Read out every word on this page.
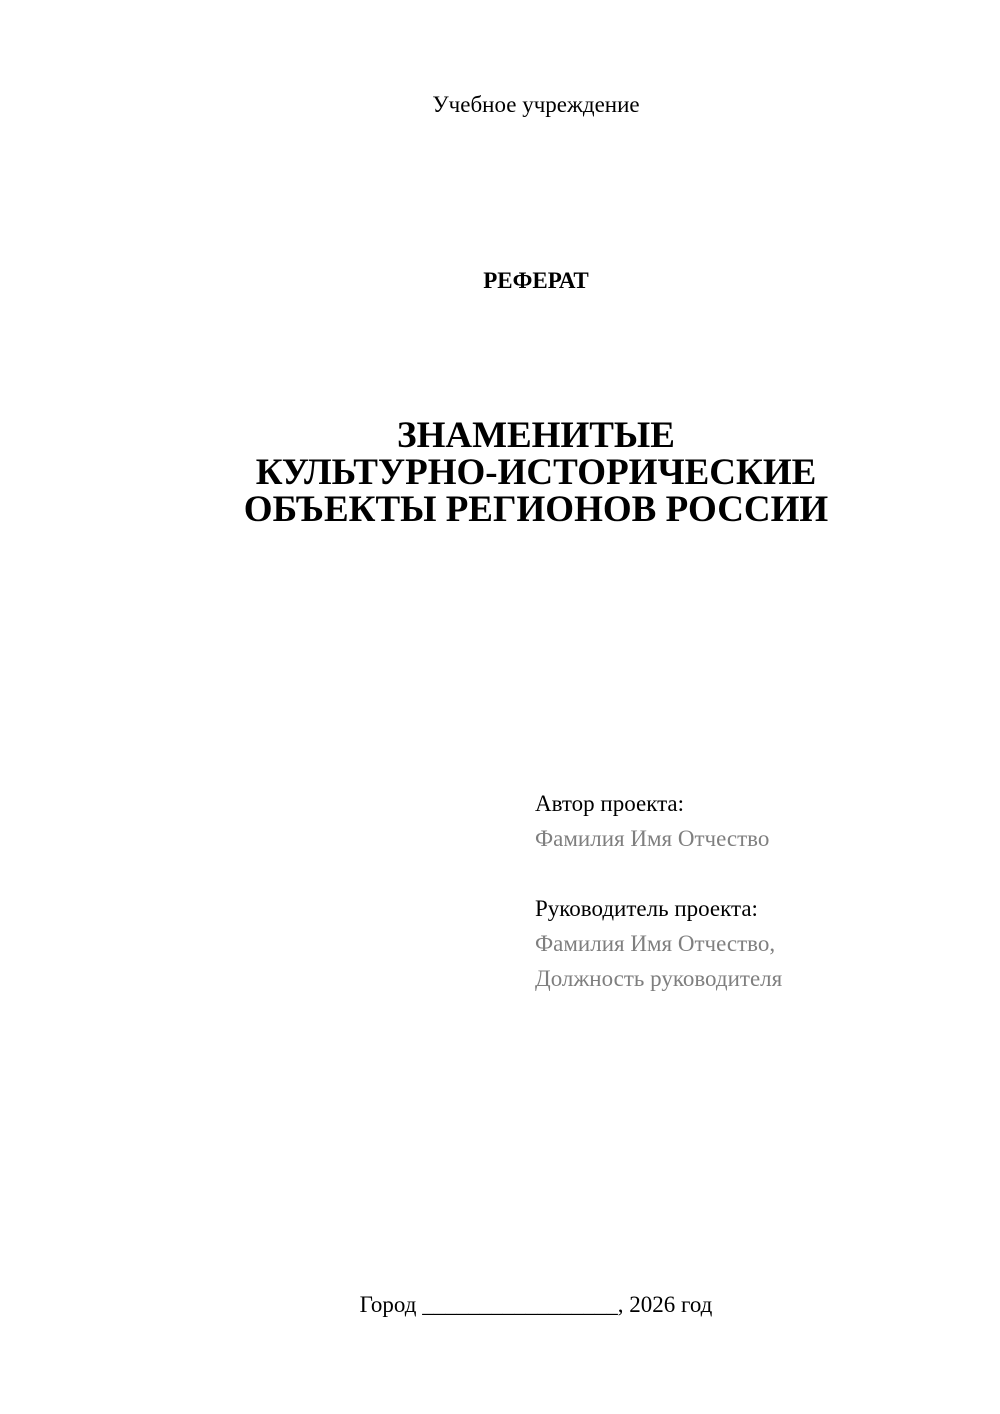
Учебное учреждение
РЕФЕРАТ
ЗНАМЕНИТЫЕ
КУЛЬТУРНО-ИСТОРИЧЕСКИЕ
ОБЪЕКТЫ РЕГИОНОВ РОССИИ
Автор проекта:
Фамилия Имя Отчество
Руководитель проекта:
Фамилия Имя Отчество,
Должность руководителя
Город _________________, 2026 год
